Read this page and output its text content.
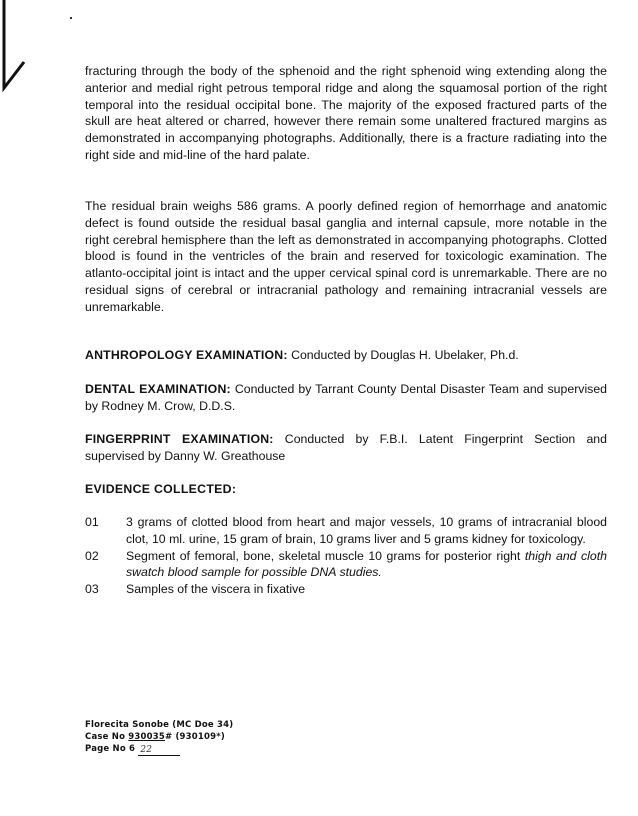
fracturing through the body of the sphenoid and the right sphenoid wing extending along the anterior and medial right petrous temporal ridge and along the squamosal portion of the right temporal into the residual occipital bone. The majority of the exposed fractured parts of the skull are heat altered or charred, however there remain some unaltered fractured margins as demonstrated in accompanying photographs. Additionally, there is a fracture radiating into the right side and mid-line of the hard palate.

The residual brain weighs 586 grams. A poorly defined region of hemorrhage and anatomic defect is found outside the residual basal ganglia and internal capsule, more notable in the right cerebral hemisphere than the left as demonstrated in accompanying photographs. Clotted blood is found in the ventricles of the brain and reserved for toxicologic examination. The atlanto-occipital joint is intact and the upper cervical spinal cord is unremarkable. There are no residual signs of cerebral or intracranial pathology and remaining intracranial vessels are unremarkable.

ANTHROPOLOGY EXAMINATION: Conducted by Douglas H. Ubelaker, Ph.d.
DENTAL EXAMINATION: Conducted by Tarrant County Dental Disaster Team and supervised by Rodney M. Crow, D.D.S.
FINGERPRINT EXAMINATION: Conducted by F.B.I. Latent Fingerprint Section and supervised by Danny W. Greathouse
EVIDENCE COLLECTED:
01	3 grams of clotted blood from heart and major vessels, 10 grams of intracranial blood clot, 10 ml. urine, 15 gram of brain, 10 grams liver and 5 grams kidney for toxicology.
02	Segment of femoral, bone, skeletal muscle 10 grams for posterior right thigh and cloth swatch blood sample for possible DNA studies.
03	Samples of the viscera in fixative
Florecita Sonobe (MC Doe 34)
Case No 930035# (930109*)
Page No 6 22
